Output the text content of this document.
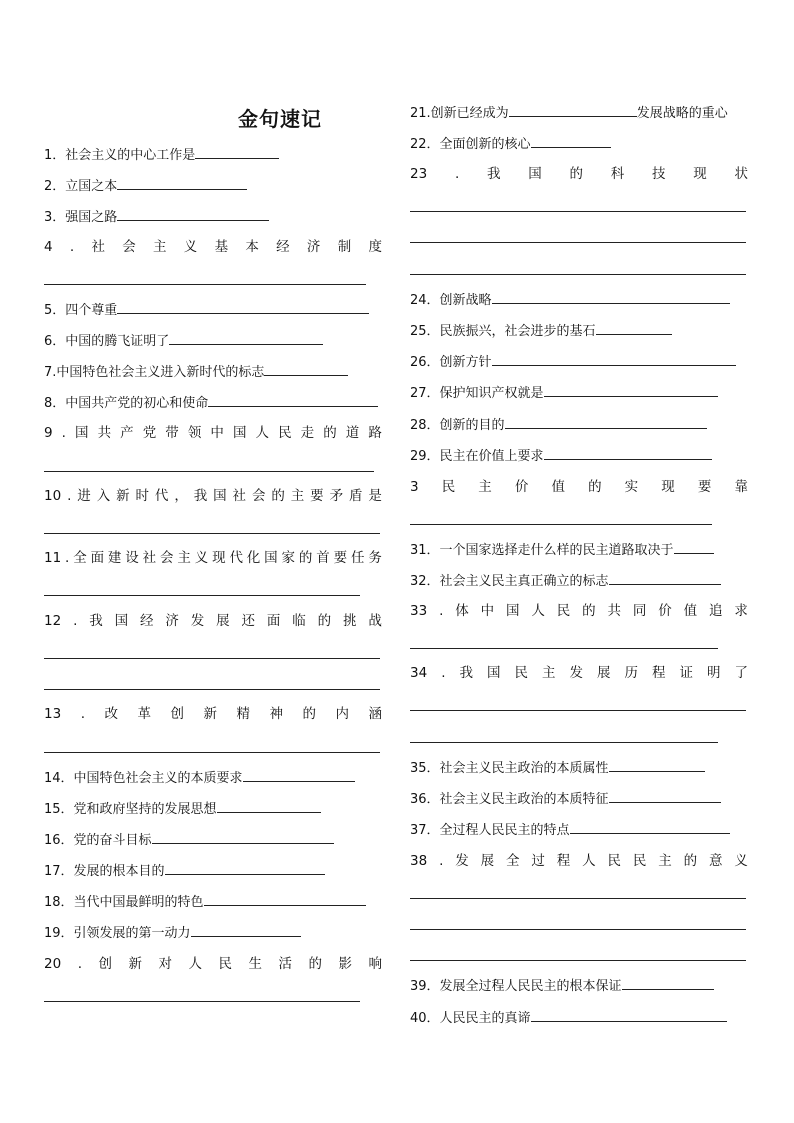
金句速记
1．社会主义的中心工作是
2．立国之本
3．强国之路
4 . 社 会 主 义 基 本 经 济 制 度
5．四个尊重
6．中国的腾飞证明了
7.中国特色社会主义进入新时代的标志
8．中国共产党的初心和使命
9 . 国 共 产 党 带 领 中 国 人 民 走 的 道 路
10 . 进 入 新 时 代 ， 我 国 社 会 的 主 要 矛 盾 是
11 . 全 面 建 设 社 会 主 义 现 代 化 国 家 的 首 要 任 务
12 . 我 国 经 济 发 展 还 面 临 的 挑 战
13 . 改 革 创 新 精 神 的 内 涵
14．中国特色社会主义的本质要求
15．党和政府坚持的发展思想
16．党的奋斗目标
17．发展的根本目的
18．当代中国最鲜明的特色
19．引领发展的第一动力
20 . 创 新 对 人 民 生 活 的 影 响
21.创新已经成为	发展战略的重心
22．全面创新的核心
23 . 我 国 的 科 技 现 状
24．创新战略
25．民族振兴，社会进步的基石
26．创新方针
27．保护知识产权就是
28．创新的目的
29．民主在价值上要求
3 民 主 价 值 的 实 现 要 靠
31．一个国家选择走什么样的民主道路取决于
32．社会主义民主真正确立的标志
33 . 体 中 国 人 民 的 共 同 价 值 追 求
34 . 我 国 民 主 发 展 历 程 证 明 了
35．社会主义民主政治的本质属性
36．社会主义民主政治的本质特征
37．全过程人民民主的特点
38 . 发 展 全 过 程 人 民 民 主 的 意 义
39．发展全过程人民民主的根本保证
40．人民民主的真谛
